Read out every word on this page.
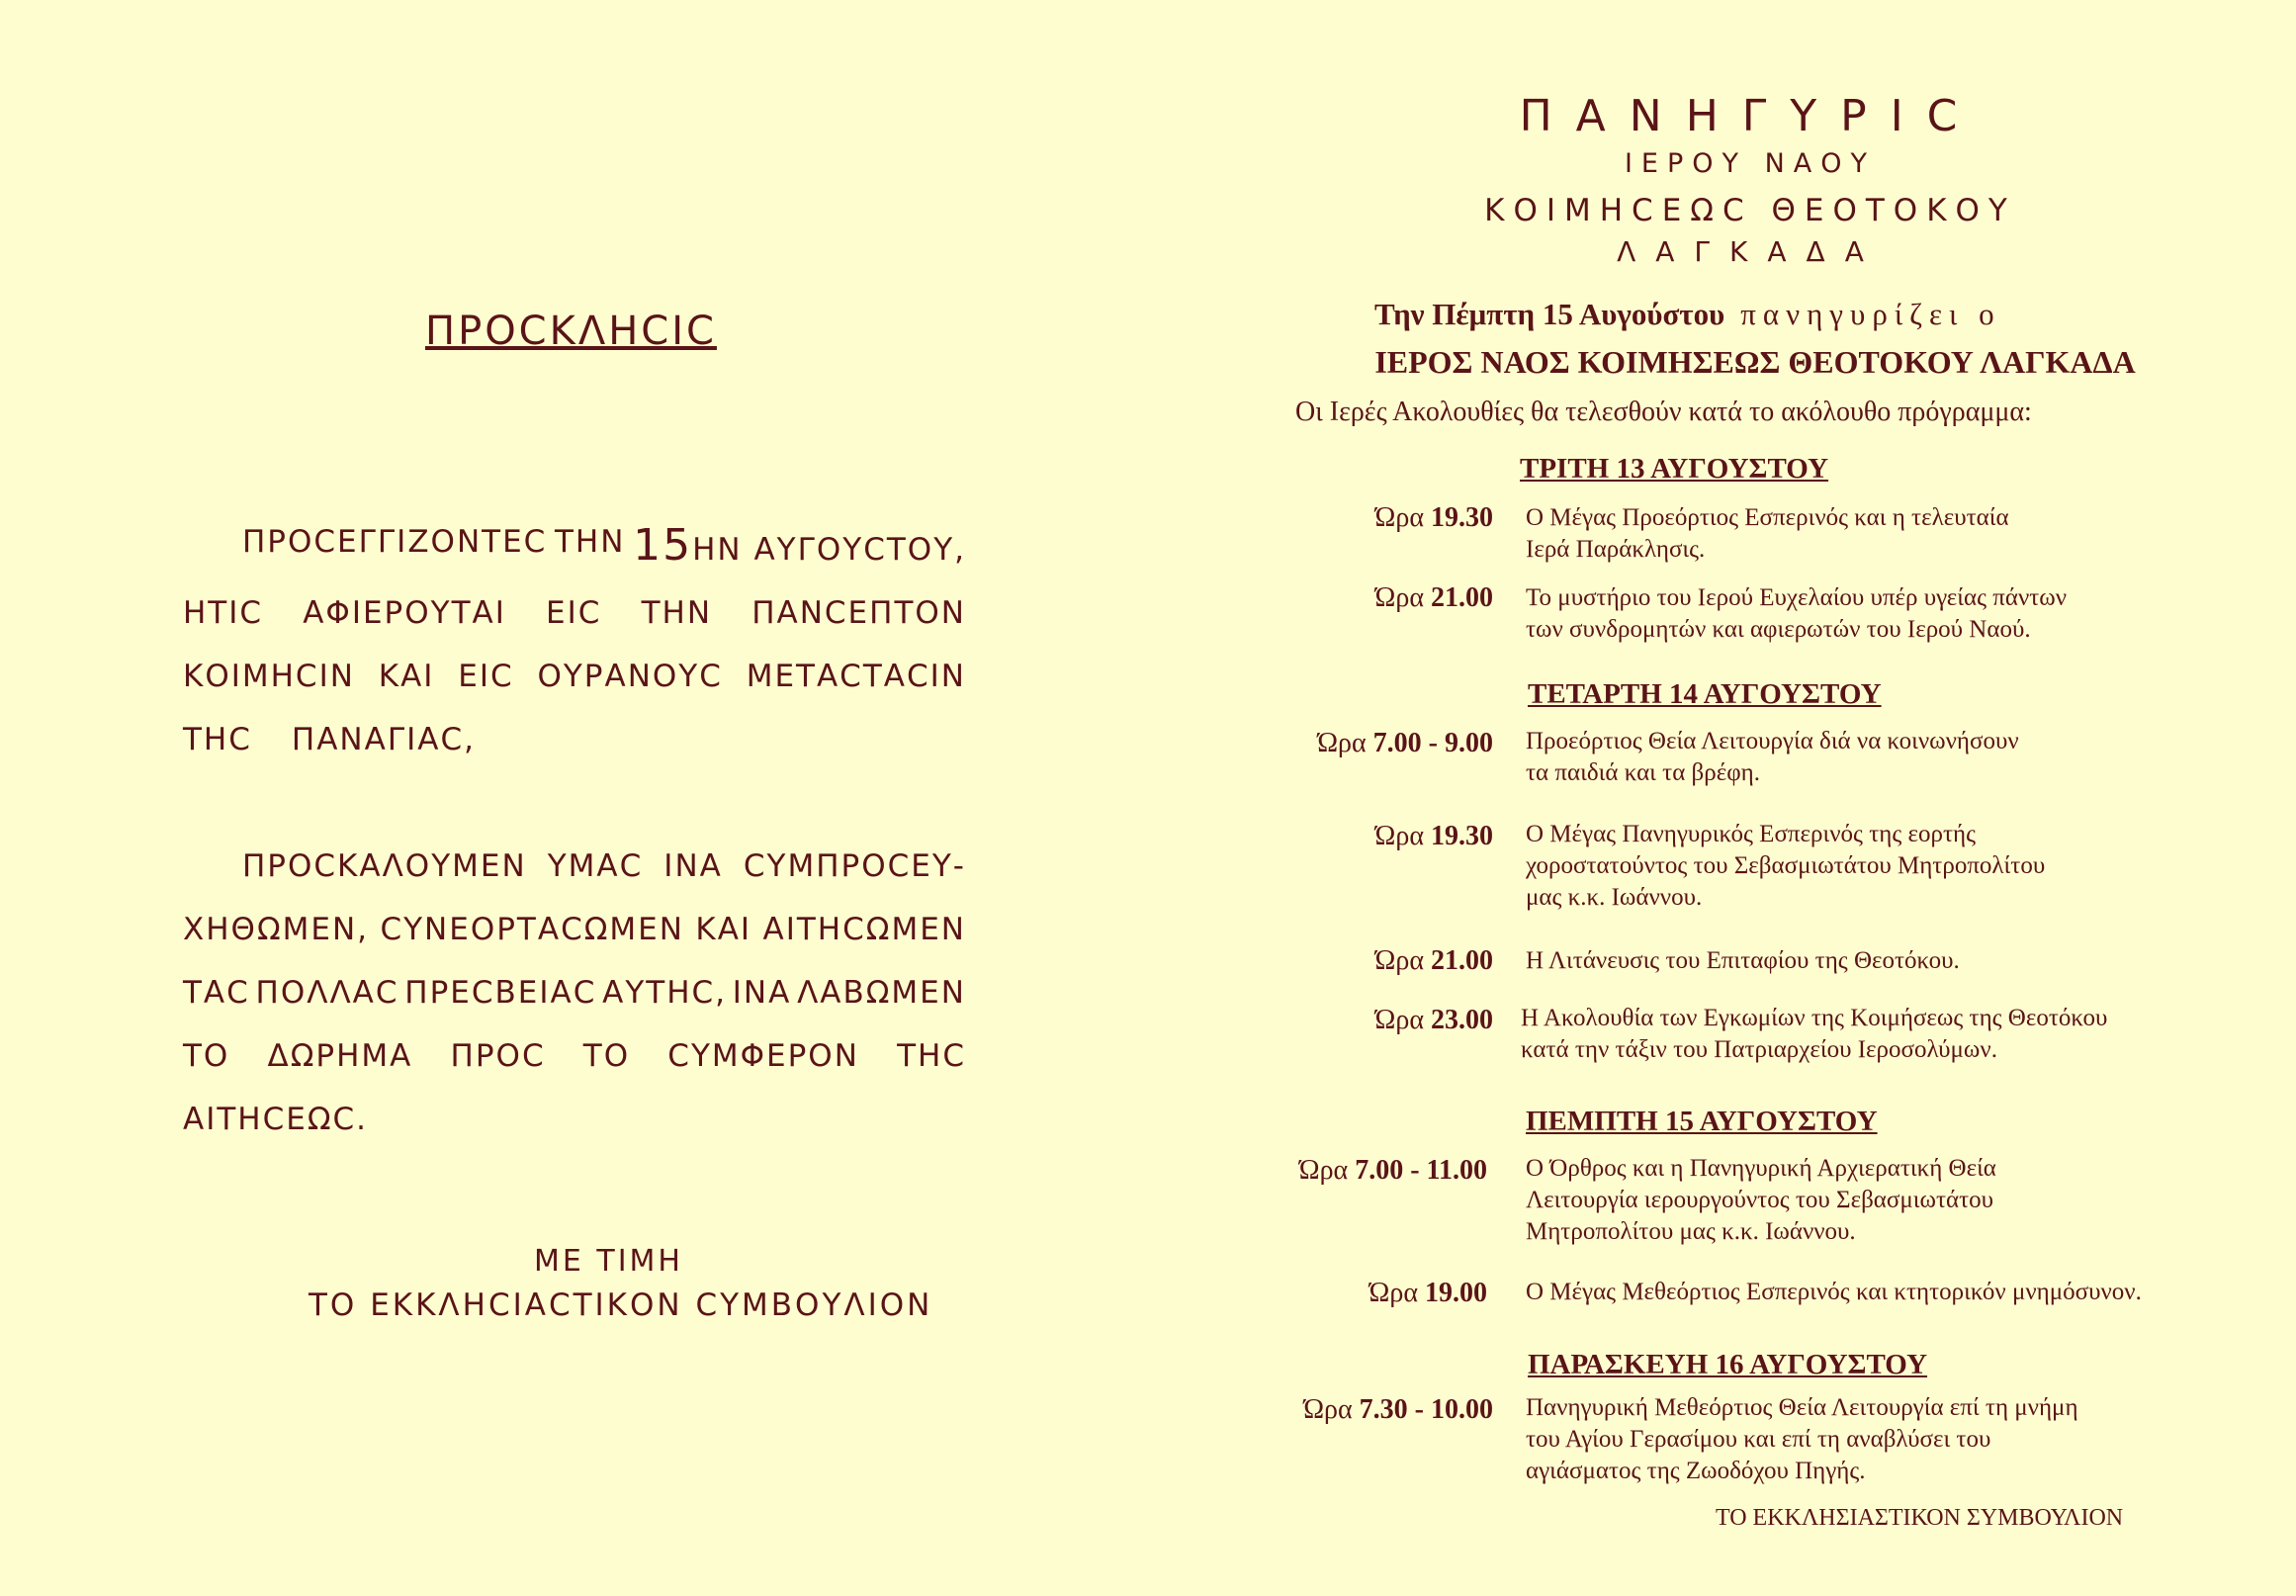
ΠΡΟCΚΛΗCΙC
ΠΡΟCΕΓΓΙΖΟΝΤΕC ΤΗΝ 15ΗΝ ΑΥΓΟΥCΤΟΥ,
ΗΤΙC ΑΦΙΕΡΟΥΤΑΙ ΕΙC ΤΗΝ ΠΑΝCΕΠΤΟΝ
ΚΟΙΜΗCΙΝ ΚΑΙ ΕΙC ΟΥΡΑΝΟΥC ΜΕΤΑCΤΑCΙΝ
ΤΗC ΠΑΝΑΓΙΑC,
ΠΡΟCΚΑΛΟΥΜΕΝ ΥΜΑC ΙΝΑ CΥΜΠΡΟCΕΥ-
ΧΗΘΩΜΕΝ, CΥΝΕΟΡΤΑCΩΜΕΝ ΚΑΙ ΑΙΤΗCΩΜΕΝ
ΤΑC ΠΟΛΛΑC ΠΡΕCΒΕΙΑC ΑΥΤΗC, ΙΝΑ ΛΑΒΩΜΕΝ
ΤΟ ΔΩΡΗΜΑ ΠΡΟC ΤΟ CΥΜΦΕΡΟΝ ΤΗC
ΑΙΤΗCΕΩC.
ΜΕ ΤΙΜΗ
ΤΟ ΕΚΚΛΗCΙΑCΤΙΚΟΝ CΥΜΒΟΥΛΙΟΝ
ΠΑΝΗΓΥΡΙC
ΙΕΡΟΥ ΝΑΟΥ
ΚΟΙΜΗCΕΩC ΘΕΟΤΟΚΟΥ
ΛΑΓΚΑΔΑ
Την Πέμπτη 15 Αυγούστου πανηγυρίζει ο
ΙΕΡΟΣ ΝΑΟΣ ΚΟΙΜΗΣΕΩΣ ΘΕΟΤΟΚΟΥ ΛΑΓΚΑΔΑ
Οι Ιερές Ακολουθίες θα τελεσθούν κατά το ακόλουθο πρόγραμμα:
ΤΡΙΤΗ 13 ΑΥΓΟΥΣΤΟΥ
Ώρα 19.30 Ο Μέγας Προεόρτιος Εσπερινός και η τελευταία
Ιερά Παράκλησις.
Ώρα 21.00 Το μυστήριο του Ιερού Ευχελαίου υπέρ υγείας πάντων
των συνδρομητών και αφιερωτών του Ιερού Ναού.
ΤΕΤΑΡΤΗ 14 ΑΥΓΟΥΣΤΟΥ
Ώρα 7.00 - 9.00 Προεόρτιος Θεία Λειτουργία διά να κοινωνήσουν
τα παιδιά και τα βρέφη.
Ώρα 19.30 Ο Μέγας Πανηγυρικός Εσπερινός της εορτής
χοροστατούντος του Σεβασμιωτάτου Μητροπολίτου
μας κ.κ. Ιωάννου.
Ώρα 21.00 Η Λιτάνευσις του Επιταφίου της Θεοτόκου.
Ώρα 23.00 Η Ακολουθία των Εγκωμίων της Κοιμήσεως της Θεοτόκου
κατά την τάξιν του Πατριαρχείου Ιεροσολύμων.
ΠΕΜΠΤΗ 15 ΑΥΓΟΥΣΤΟΥ
Ώρα 7.00 - 11.00 Ο Όρθρος και η Πανηγυρική Αρχιερατική Θεία
Λειτουργία ιερουργούντος του Σεβασμιωτάτου
Μητροπολίτου μας κ.κ. Ιωάννου.
Ώρα 19.00 Ο Μέγας Μεθεόρτιος Εσπερινός και κτητορικόν μνημόσυνον.
ΠΑΡΑΣΚΕΥΗ 16 ΑΥΓΟΥΣΤΟΥ
Ώρα 7.30 - 10.00 Πανηγυρική Μεθεόρτιος Θεία Λειτουργία επί τη μνήμη
του Αγίου Γερασίμου και επί τη αναβλύσει του
αγιάσματος της Ζωοδόχου Πηγής.
ΤΟ ΕΚΚΛΗΣΙΑΣΤΙΚΟΝ ΣΥΜΒΟΥΛΙΟΝ
